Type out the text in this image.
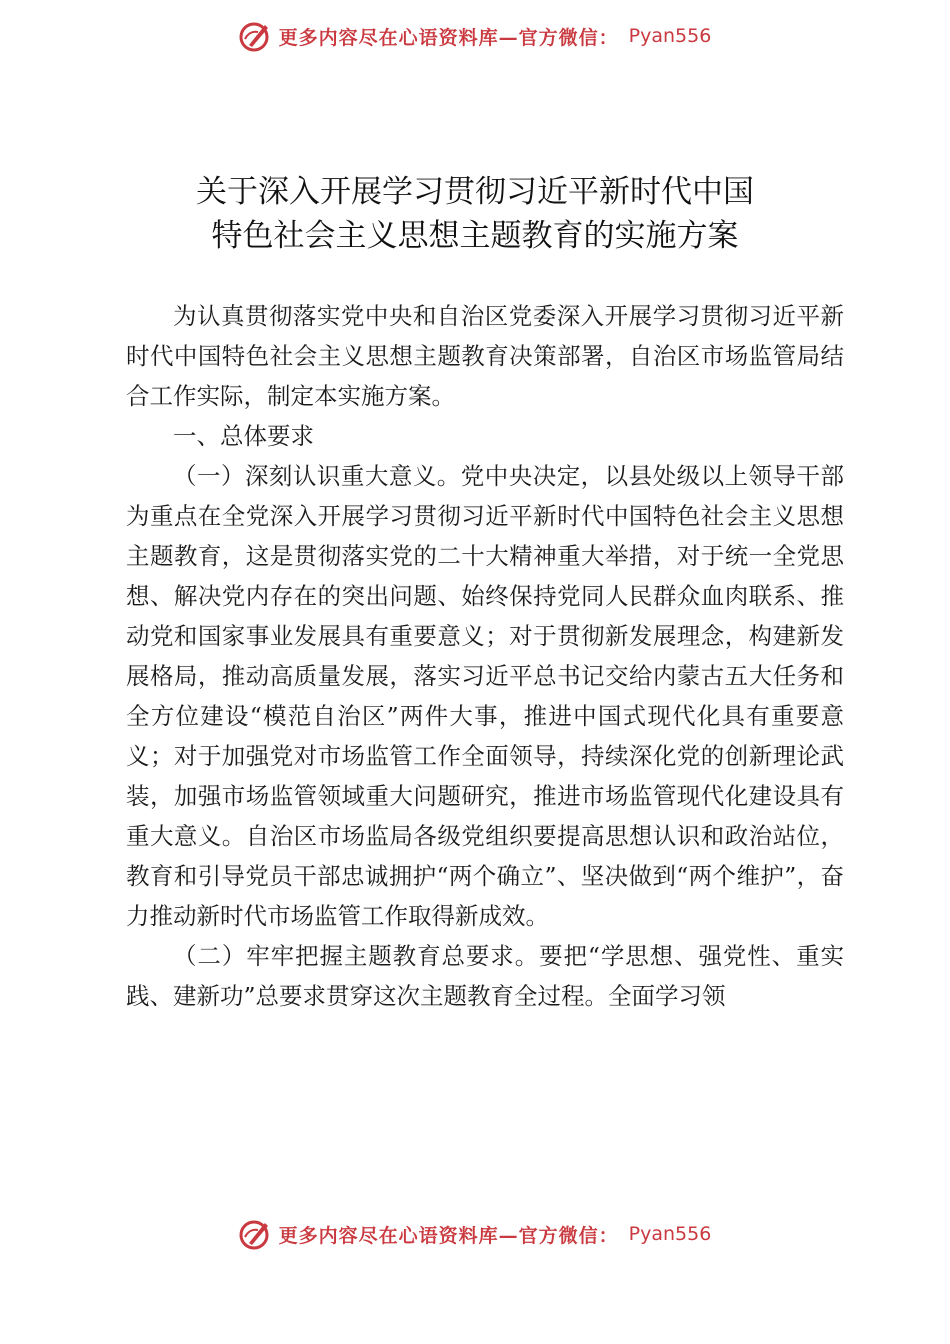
更多内容尽在心语资料库—官方微信： Pyan556
关于深入开展学习贯彻习近平新时代中国
特色社会主义思想主题教育的实施方案

为认真贯彻落实党中央和自治区党委深入开展学习贯彻习近平新时代中国特色社会主义思想主题教育决策部署，自治区市场监管局结合工作实际，制定本实施方案。

一、总体要求

（一）深刻认识重大意义。党中央决定，以县处级以上领导干部为重点在全党深入开展学习贯彻习近平新时代中国特色社会主义思想主题教育，这是贯彻落实党的二十大精神重大举措，对于统一全党思想、解决党内存在的突出问题、始终保持党同人民群众血肉联系、推动党和国家事业发展具有重要意义；对于贯彻新发展理念，构建新发展格局，推动高质量发展，落实习近平总书记交给内蒙古五大任务和全方位建设“模范自治区”两件大事，推进中国式现代化具有重要意义；对于加强党对市场监管工作全面领导，持续深化党的创新理论武装，加强市场监管领域重大问题研究，推进市场监管现代化建设具有重大意义。自治区市场监局各级党组织要提高思想认识和政治站位，教育和引导党员干部忠诚拥护“两个确立”、坚决做到“两个维护”，奋力推动新时代市场监管工作取得新成效。

（二）牢牢把握主题教育总要求。要把“学思想、强党性、重实践、建新功”总要求贯穿这次主题教育全过程。全面学习领

更多内容尽在心语资料库—官方微信： Pyan556
